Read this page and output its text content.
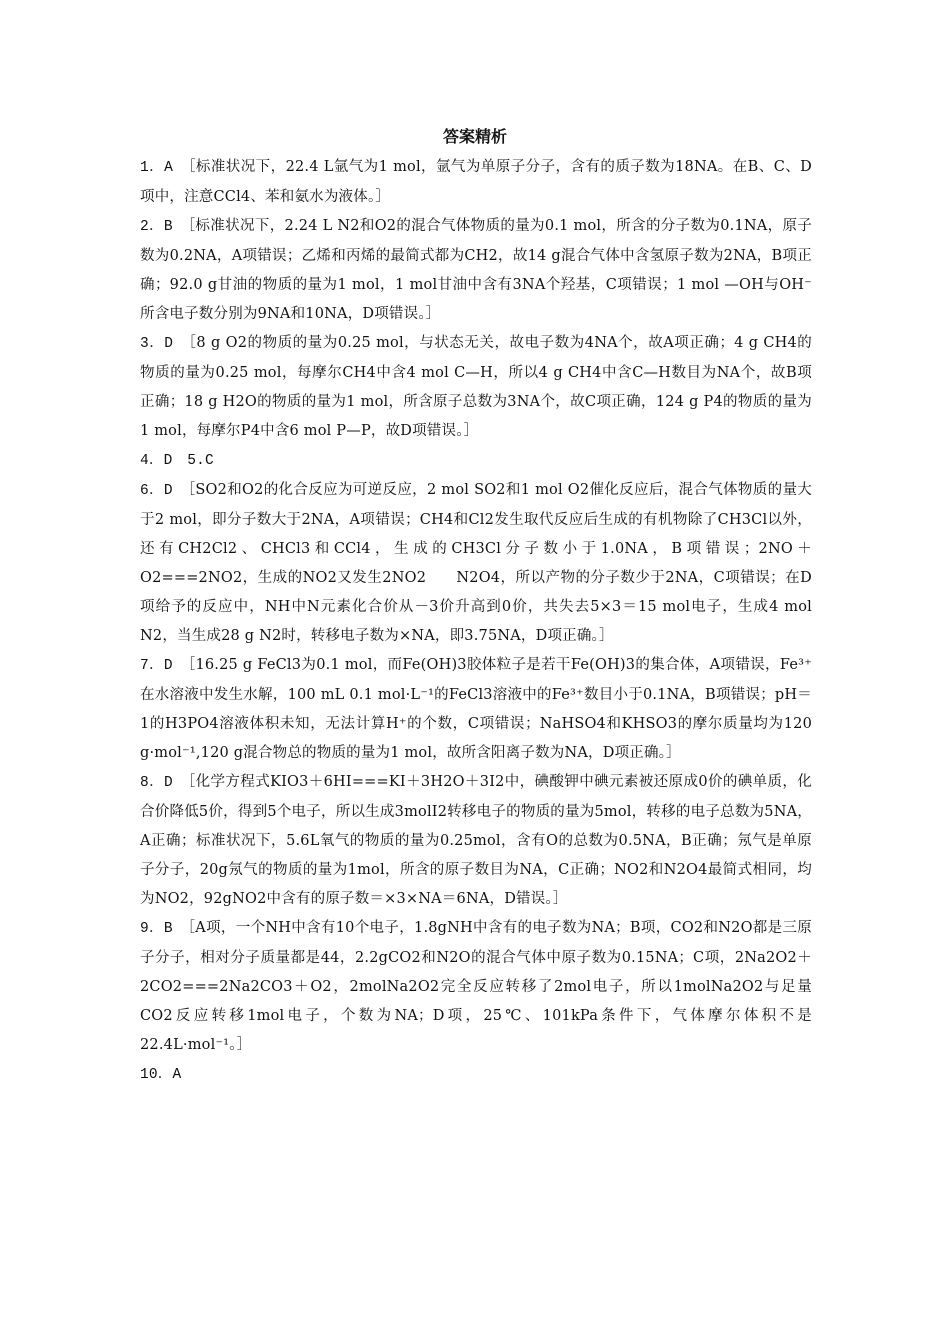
答案精析
1．A　 ［标准状况下，22.4 L氩气为1 mol，氩气为单原子分子，含有的质子数为18NA。在B、C、D项中，注意CCl4、苯和氨水为液体。］
2．B　 ［标准状况下，2.24 L N2和O2的混合气体物质的量为0.1 mol，所含的分子数为0.1NA，原子数为0.2NA，A项错误；乙烯和丙烯的最简式都为CH2，故14 g混合气体中含氢原子数为2NA，B项正确；92.0 g甘油的物质的量为1 mol，1 mol甘油中含有3NA个羟基，C项错误；1 mol —OH与OH⁻所含电子数分别为9NA和10NA，D项错误。］
3．D　 ［8 g O2的物质的量为0.25 mol，与状态无关，故电子数为4NA个，故A项正确；4 g CH4的物质的量为0.25 mol，每摩尔CH4中含4 mol C—H，所以4 g CH4中含C—H数目为NA个，故B项正确；18 g H2O的物质的量为1 mol，所含原子总数为3NA个，故C项正确，124 g P4的物质的量为1 mol，每摩尔P4中含6 mol P—P，故D项错误。］
4．D　5.C
6．D　 ［SO2和O2的化合反应为可逆反应，2 mol SO2和1 mol O2催化反应后，混合气体物质的量大于2 mol，即分子数大于2NA，A项错误；CH4和Cl2发生取代反应后生成的有机物除了CH3Cl以外，还有CH2Cl2、CHCl3和CCl4，生成的CH3Cl分子数小于1.0NA，B项错误；2NO＋O2===2NO2，生成的NO2又发生2NO2　　N2O4，所以产物的分子数少于2NA，C项错误；在D项给予的反应中，NH中N元素化合价从－3价升高到0价，共失去5×3＝15 mol电子，生成4 mol N2，当生成28 g N2时，转移电子数为×NA，即3.75NA，D项正确。］
7．D　 ［16.25 g FeCl3为0.1 mol，而Fe(OH)3胶体粒子是若干Fe(OH)3的集合体，A项错误，Fe³⁺在水溶液中发生水解，100 mL 0.1 mol·L⁻¹的FeCl3溶液中的Fe³⁺数目小于0.1NA，B项错误；pH＝1的H3PO4溶液体积未知，无法计算H⁺的个数，C项错误；NaHSO4和KHSO3的摩尔质量均为120 g·mol⁻¹,120 g混合物总的物质的量为1 mol，故所含阳离子数为NA，D项正确。］
8．D　 ［化学方程式KIO3＋6HI===KI＋3H2O＋3I2中，碘酸钾中碘元素被还原成0价的碘单质，化合价降低5价，得到5个电子，所以生成3molI2转移电子的物质的量为5mol，转移的电子总数为5NA，A正确；标准状况下，5.6L氧气的物质的量为0.25mol，含有O的总数为0.5NA，B正确；氖气是单原子分子，20g氖气的物质的量为1mol，所含的原子数目为NA，C正确；NO2和N2O4最简式相同，均为NO2，92gNO2中含有的原子数＝×3×NA＝6NA，D错误。］
9．B　 ［A项，一个NH中含有10个电子，1.8gNH中含有的电子数为NA；B项，CO2和N2O都是三原子分子，相对分子质量都是44，2.2gCO2和N2O的混合气体中原子数为0.15NA；C项，2Na2O2＋2CO2===2Na2CO3＋O2，2molNa2O2完全反应转移了2mol电子，所以1molNa2O2与足量CO2反应转移1mol电子，个数为NA；D项，25℃、101kPa条件下，气体摩尔体积不是22.4L·mol⁻¹。］
10．A
